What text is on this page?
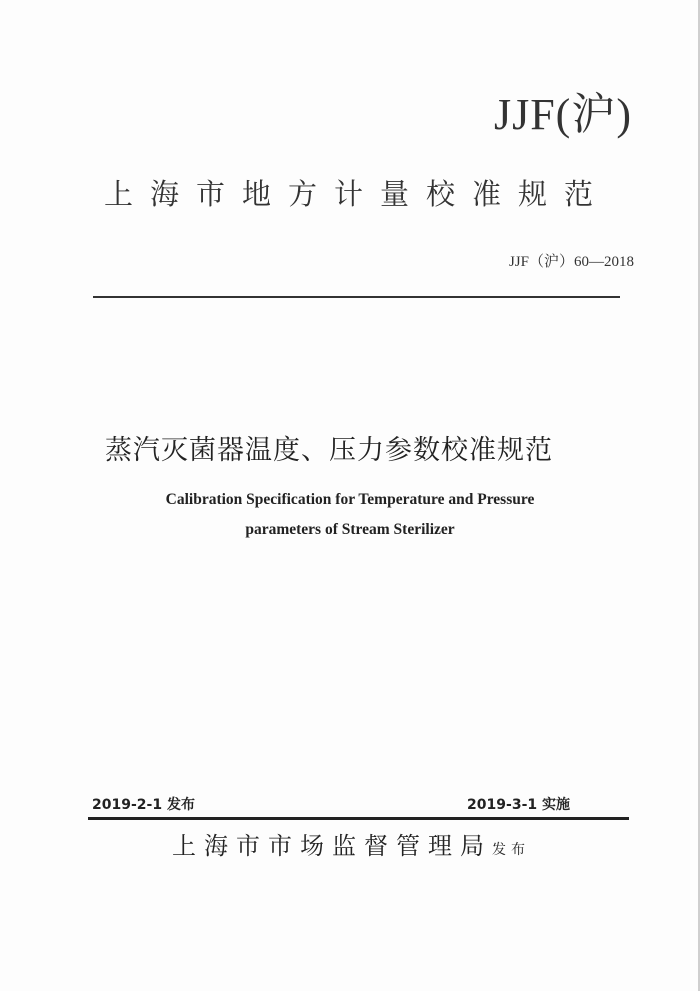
JJF(沪)
上海市地方计量校准规范
JJF（沪）60—2018
蒸汽灭菌器温度、压力参数校准规范
Calibration Specification for Temperature and Pressure
parameters of Stream Sterilizer
2019-2-1 发布	2019-3-1 实施
上海市市场监督管理局发布
